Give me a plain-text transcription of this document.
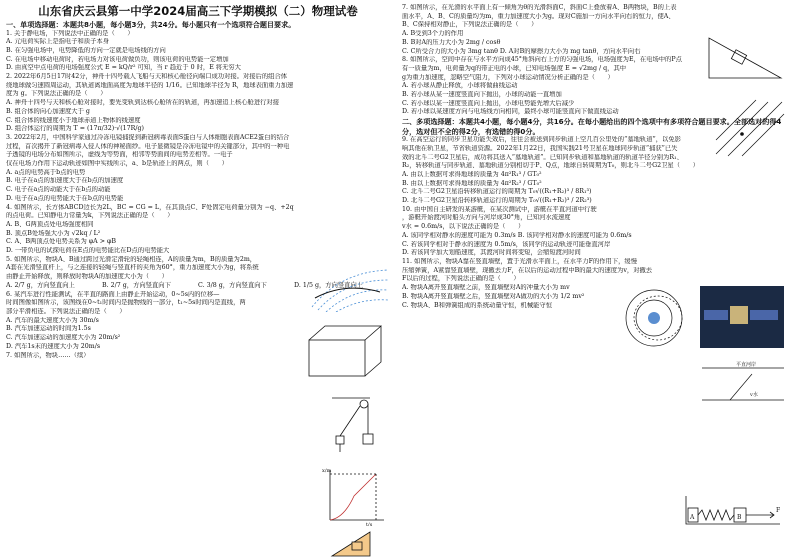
山东省庆云县第一中学2024届高三下学期模拟（二）物理试卷
一、单项选择题：本题共8小题，每小题3分，共24分。每小题只有一个选项符合题目要求。
1. 关于静电场，下列说法中正确的是（　　）
A. 元电荷实际上是指电子和质子本身
B. 在匀强电场中，电势降低的方向一定就是电场线的方向
C. 在电场中移动电荷时，若电场力对该电荷做负功，则该电荷的电势能一定增加
D. 由真空中点电荷的电场强度公式 E = kQ/r² 可知，当 r 趋近于 0 时，E 将无穷大
2. 2022年6月5日17时42分，神舟十四号载人飞船与天和核心舱径向端口成功对接。对接后的组合体
绕地球做匀速圆周运动，其轨道离地面高度为地球半径的 1/16。已知地球半径为 R，地球表面重力加速
度为 g。下列说法正确的是（　　）
A. 神舟十四号与天和核心舱对接时，要先变轨到达核心舱所在的轨道，再加速追上核心舱进行对接
B. 组合体的向心加速度大于 g
C. 组合体的线速度小于地球赤道上物体的线速度
D. 组合体运行的周期为 T = (17π/32)·√(17R/g)
3. 2022年2月，中国科学家通过冷冻电镜捕捉到新冠病毒表面S蛋白与人体细胞表面ACE2蛋白的结合
过程，首次揭开了新冠病毒入侵人体的神秘面纱。电子显微镜是冷冻电镜中的关键部分，其中的一种电
子透镜的电场分布如图所示，虚线为等势面，相邻等势面间的电势差相等。一电子
仅在电场力作用下运动轨迹如图中实线所示，a、b是轨迹上的两点，则（　　）
A. a点的电势高于b点的电势
B. 电子在a点的加速度大于在b点的加速度
C. 电子在a点的动能大于在b点的动能
D. 电子在a点的电势能大于在b点的电势能
4. 如图所示，长方体ABCD边长为2L，BC = CG = L，在其顶点C、F处固定电荷量分别为 −q、+2q
的点电荷。已知静电力常量为k，下列说法正确的是（　　）
A. B、G两顶点处电场强度相同
B. 顶点B处场强大小为 √2kq / L²
C. A、B两顶点处电势关系为 φA > φB
D. 一带负电的试探电荷在E点的电势能比在D点的电势能大
5. 如图所示，物块A、B通过跨过光滑定滑轮的轻绳相连，A的质量为m，B的质量为2m，
A套在光滑竖直杆上，与之连接的轻绳与竖直杆的夹角为60°，重力加速度大小为g，将系统
由静止开始释放，则释放时物块A的加速度大小为（　　）
A. 2/7 g，方向竖直向上	B. 2/7 g，方向竖直向下	C. 3/8 g，方向竖直向下	D. 1/5 g，方向竖直向上
6. 某汽车进行性能测试，在平直的路面上由静止开始运动，0~5s内的位移—
时间图像如图所示，该图线在0~t₁时间内是抛物线的一部分，t₁~5s时间内是直线，两
部分平滑相连。下列说法正确的是（　　）
A. 汽车的最大速度大小为 30m/s
B. 汽车加速运动的时间为1.5s
C. 汽车加速运动的加速度大小为 20m/s²
D. 汽车1s末的速度大小为 20m/s
7. 如图所示，物块……（续）
7. 如图所示，在光滑的水平面上有一倾角为θ的光滑斜面C，斜面C上叠放着A、B两物块，B的上表
面水平，A、B、C的质量均为m，重力加速度大小为g。现对C施加一方向水平向右的恒力，使A、
B、C保持相对静止，下列说法正确的是（　　）
A. B受到3个力的作用
B. B对A的压力大小为 2mg / cosθ
C. C所受合力的大小为 3mg tanθ D. A对B的摩擦力大小为 mg tanθ，方向水平向右
8. 如图所示，空间中存在与水平方向成45°角斜向右上方的匀强电场，电场强度为E，在电场中的P点
有一质量为m，电荷量为q的带正电的小球，已知电场强度 E = √2mg / q，其中
g为重力加速度，忽略空气阻力，下列对小球运动情况分析正确的是（　　）
A. 若小球从静止释放，小球将做曲线运动
B. 若小球从某一速度竖直向下抛出，小球的动能一直增加
C. 若小球以某一速度竖直向上抛出，小球电势能先增大后减少
D. 若小球以某速度方向与电场线方向相同，最终小球可能竖直向下做直线运动
二、多项选择题：本题共4小题，每小题4分，共16分。在每小题给出的四个选项中有多项符合题目要求。全部选对的得4分，选对但不全的得2分，有选错的得0分。
9. 在高空运行的同步卫星功能失效后，往往会被送到同步轨道上空几百公里处的“墓地轨道”，以免影
响其他在轨卫星，节省轨道资源。2022年1月22日，我国实践21号卫星在地球同步轨道“捕获”已失
效的北斗二号G2卫星后，成功将其送入“墓地轨道”。已知同步轨道和墓地轨道的轨道半径分别为R₁、
R₂，转移轨道与同步轨道、墓地轨道分别相切于P、Q点，地球自转周期为T₀，则北斗二号G2卫星（　　）
A. 由以上数据可求得地球的质量为 4π²R₁³ / GT₀²
B. 由以上数据可求得地球的质量为 4π²R₂³ / GT₀²
C. 北斗二号G2卫星沿转移轨道运行的周期为 T₀√((R₁+R₂)³ / 8R₁³)
D. 北斗二号G2卫星沿转移轨道运行的周期为 T₀√((R₁+R₂)³ / 2R₂³)
10. 由中国自主研发的某游艇，在某次测试中，游艇在平直河道中行驶
，游艇开始渡河时船头方向与河岸成30°角，已知河水流速度
v水 = 0.6m/s，以下说法正确的是（　　）
A. 该同学相对静水的速度可能为 0.3m/s B. 该同学相对静水的速度可能为 0.6m/s
C. 若该同学相对于静水的速度为 0.5m/s，该同学的运动轨迹可能垂直河岸
D. 若该同学加大划船速度，其渡河时间将变短，会缩短渡河时间
11. 如图所示，物块A靠在竖直墙壁，置于光滑水平面上，在水平力F的作用下，缓慢
压缩弹簧，A紧靠竖直墙壁，现撤去力F，在以后的运动过程中B的最大的速度为v，对撤去
F以后的过程，下列说法正确的是（　　）
A. 物块A离开竖直墙壁之前，竖直墙壁对A的冲量大小为 mv
B. 物块A离开竖直墙壁之后，竖直墙壁对A做功的大小为 1/2 mv²
C. 物块A、B和弹簧组成的系统动量守恒，机械能守恒
t/s
x/m
平直河岸
v水
A	B
F
